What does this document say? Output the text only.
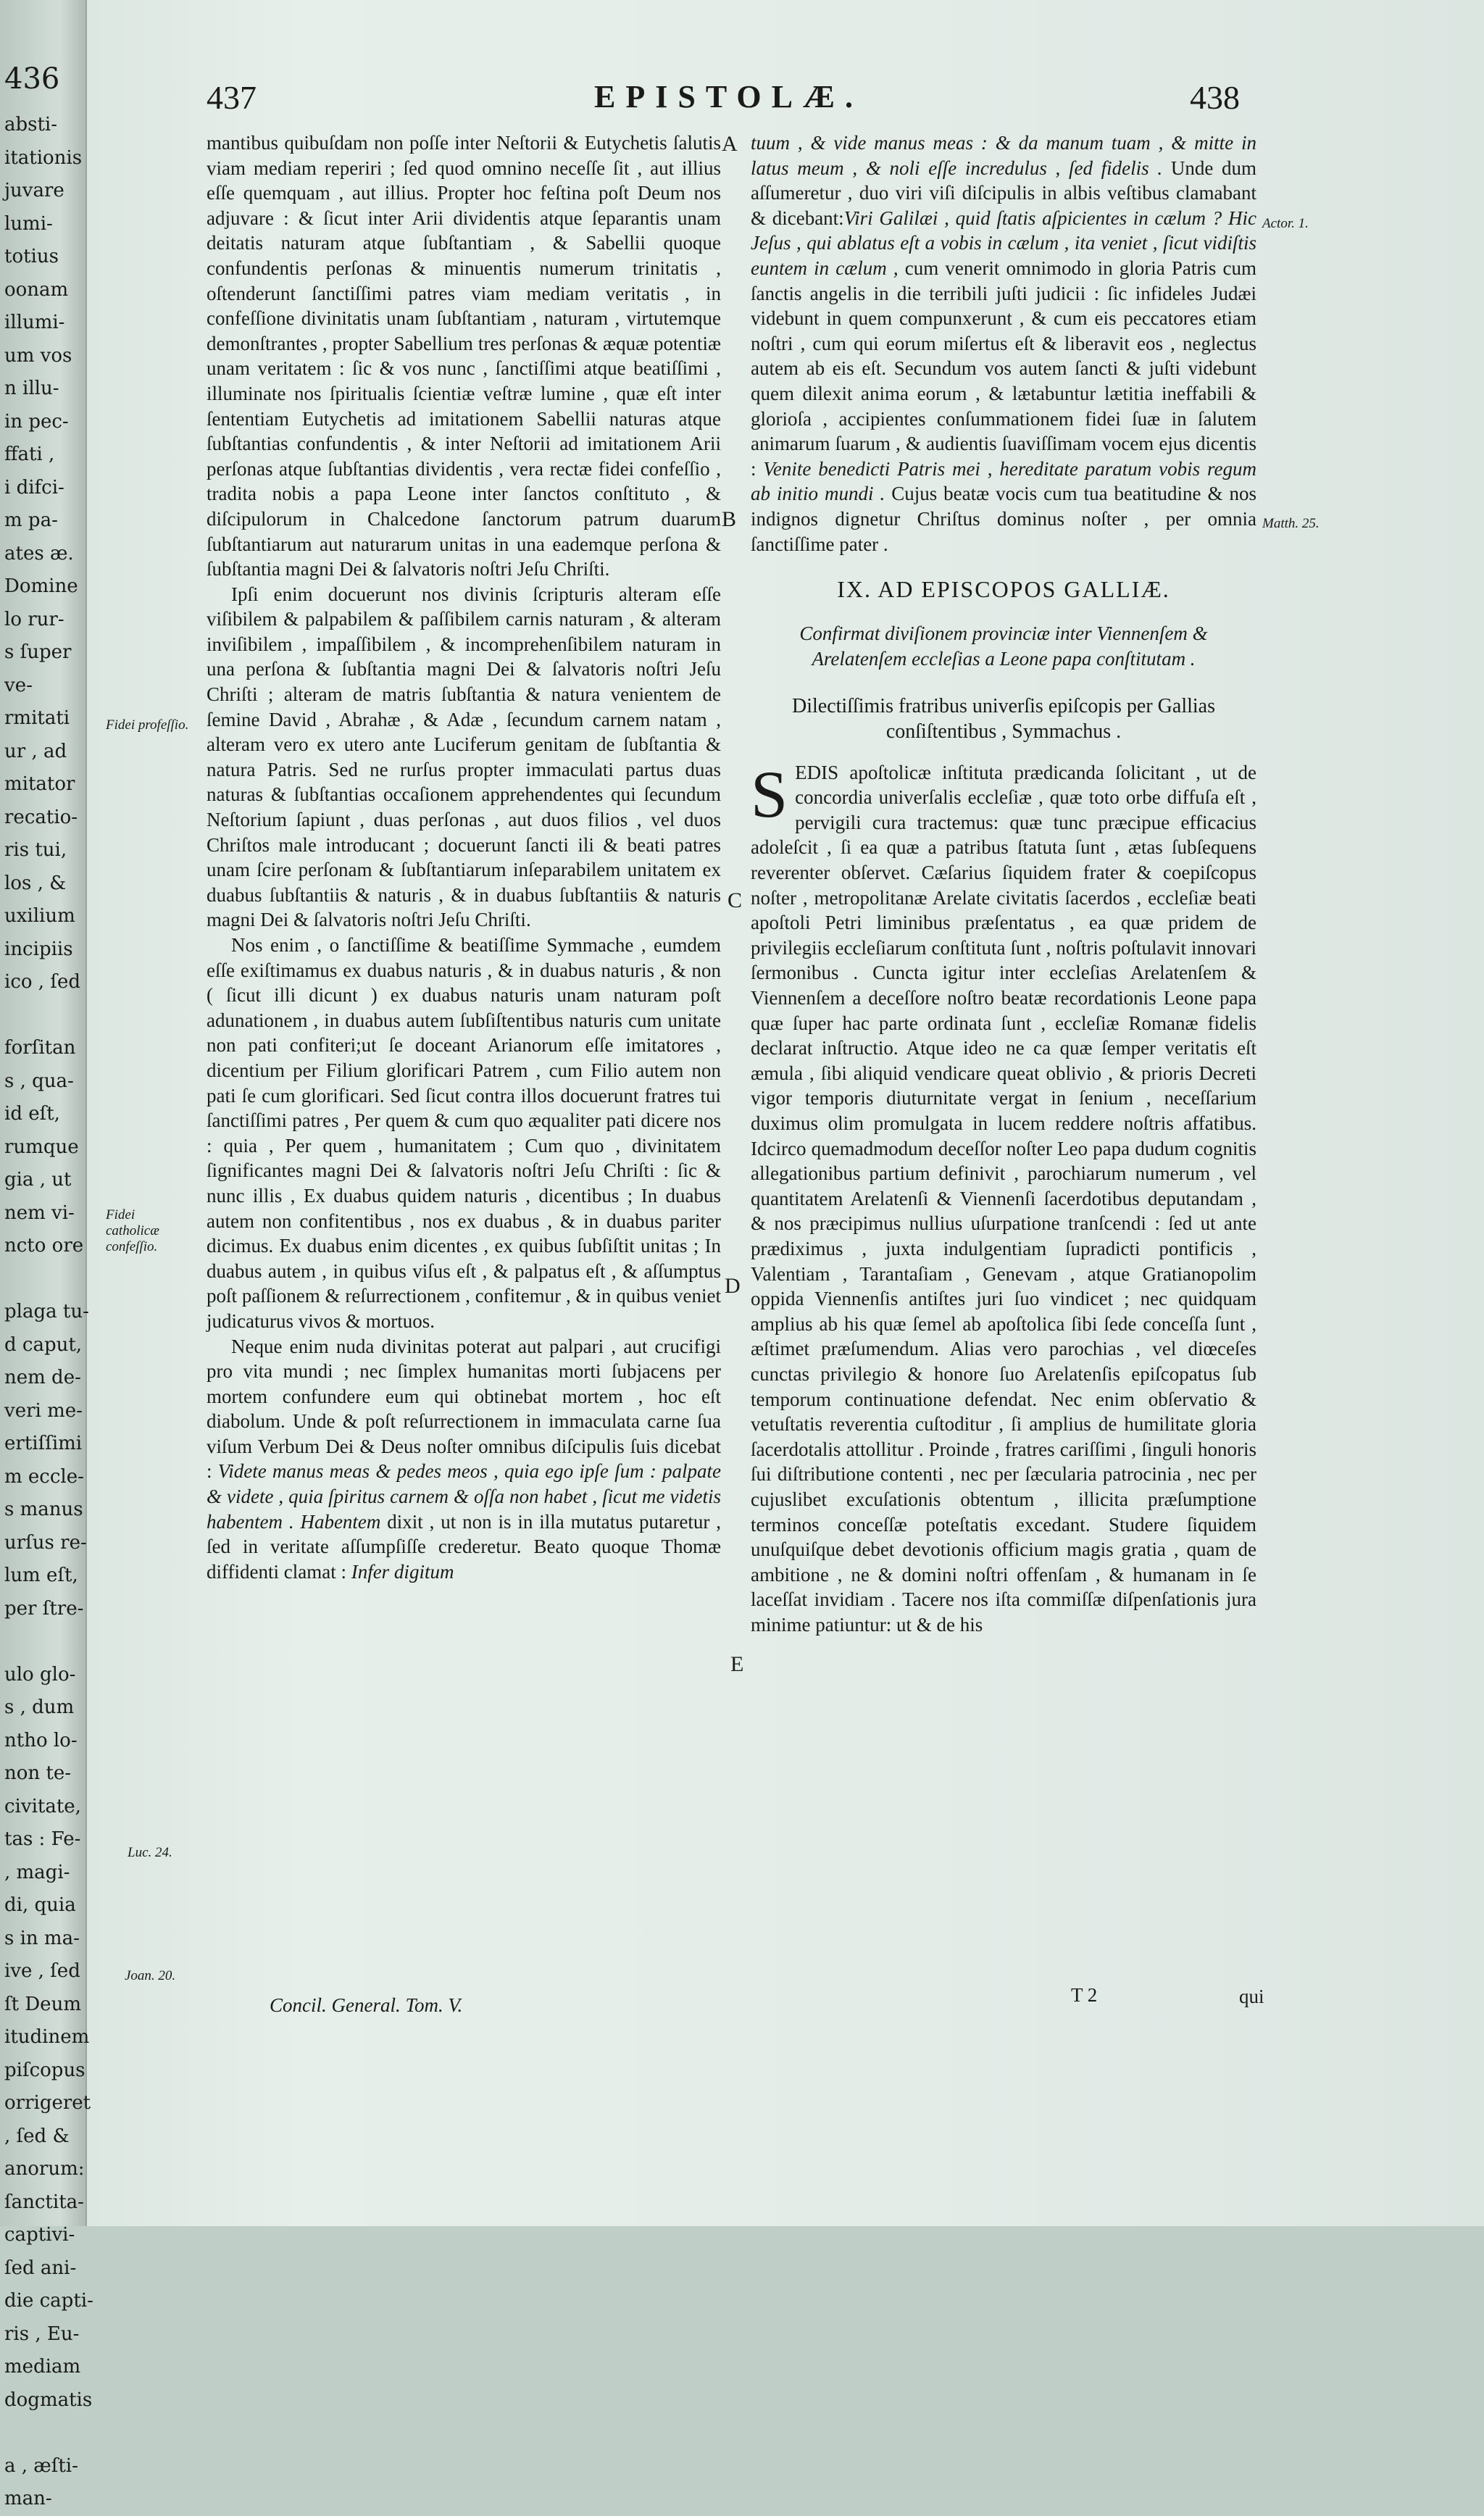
436
absti-
itationis
juvare
lumi-
totius
oonam
illumi-
um vos
n illu-
in pec-
ffati ,
i difci-
m pa-
ates æ.
Domine
lo rur-
s ſuper
ve-
rmitati
ur , ad
mitator
recatio-
ris tui,
los , &
uxilium
incipiis
ico , ſed

forſitan
s , qua-
id eſt,
rumque
gia , ut
nem vi-
ncto ore

plaga tu-
d caput,
nem de-
veri me-
ertiſſimi
m eccle-
s manus
urſus re-
lum eſt,
per ſtre-

ulo glo-
s , dum
ntho lo-
non te-
civitate,
tas : Fe-
, magi-
di, quia
s in ma-
ive , ſed
ſt Deum
itudinem
piſcopus
orrigeret
, ſed &
anorum:
ſanctita-
captivi-
ſed ani-
die capti-
ris , Eu-
mediam
dogmatis

a , æſti-
man-
437	EPISTOLÆ.	438
A
B
C
D
E
Fidei profeſſio.
Fidei catholicæ confeſſio.
Luc. 24.
Joan. 20.
Actor. 1.
Matth. 25.

mantibus quibuſdam non poſſe inter Neſtorii & Eutychetis ſalutis viam mediam reperiri ; ſed quod omnino neceſſe ſit , aut illius eſſe quemquam , aut illius. Propter hoc feſtina poſt Deum nos adjuvare : & ſicut inter Arii dividentis atque ſeparantis unam deitatis naturam atque ſubſtantiam , & Sabellii quoque confundentis perſonas & minuentis numerum trinitatis , oſtenderunt ſanctiſſimi patres viam mediam veritatis , in confeſſione divinitatis unam ſubſtantiam , naturam , virtutemque demonſtrantes , propter Sabellium tres perſonas & æquæ potentiæ unam veritatem : ſic & vos nunc , ſanctiſſimi atque beatiſſimi , illuminate nos ſpiritualis ſcientiæ veſtræ lumine , quæ eſt inter ſententiam Eutychetis ad imitationem Sabellii naturas atque ſubſtantias confundentis , & inter Neſtorii ad imitationem Arii perſonas atque ſubſtantias dividentis , vera rectæ fidei confeſſio , tradita nobis a papa Leone inter ſanctos conſtituto , & diſcipulorum in Chalcedone ſanctorum patrum duarum ſubſtantiarum aut naturarum unitas in una eademque perſona & ſubſtantia magni Dei & ſalvatoris noſtri Jeſu Chriſti.

Ipſi enim docuerunt nos divinis ſcripturis alteram eſſe viſibilem & palpabilem & paſſibilem carnis naturam , & alteram inviſibilem , impaſſibilem , & incomprehenſibilem naturam in una perſona & ſubſtantia magni Dei & ſalvatoris noſtri Jeſu Chriſti ; alteram de matris ſubſtantia & natura venientem de ſemine David , Abrahæ , & Adæ , ſecundum carnem natam , alteram vero ex utero ante Luciferum genitam de ſubſtantia & natura Patris. Sed ne rurſus propter immaculati partus duas naturas & ſubſtantias occaſionem apprehendentes qui ſecundum Neſtorium ſapiunt , duas perſonas , aut duos filios , vel duos Chriſtos male introducant ; docuerunt ſancti ili & beati patres unam ſcire perſonam & ſubſtantiarum inſeparabilem unitatem ex duabus ſubſtantiis & naturis , & in duabus ſubſtantiis & naturis magni Dei & ſalvatoris noſtri Jeſu Chriſti.

Nos enim , o ſanctiſſime & beatiſſime Symmache , eumdem eſſe exiſtimamus ex duabus naturis , & in duabus naturis , & non ( ſicut illi dicunt ) ex duabus naturis unam naturam poſt adunationem , in duabus autem ſubſiſtentibus naturis cum unitate non pati confiteri;ut ſe doceant Arianorum eſſe imitatores , dicentium per Filium glorificari Patrem , cum Filio autem non pati ſe cum glorificari. Sed ſicut contra illos docuerunt fratres tui ſanctiſſimi patres , Per quem & cum quo æqualiter pati dicere nos : quia , Per quem , humanitatem ; Cum quo , divinitatem ſignificantes magni Dei & ſalvatoris noſtri Jeſu Chriſti : ſic & nunc illis , Ex duabus quidem naturis , dicentibus ; In duabus autem non confitentibus , nos ex duabus , & in duabus pariter dicimus. Ex duabus enim dicentes , ex quibus ſubſiſtit unitas ; In duabus autem , in quibus viſus eſt , & palpatus eſt , & aſſumptus poſt paſſionem & reſurrectionem , confitemur , & in quibus veniet judicaturus vivos & mortuos.

Neque enim nuda divinitas poterat aut palpari , aut crucifigi pro vita mundi ; nec ſimplex humanitas morti ſubjacens per mortem confundere eum qui obtinebat mortem , hoc eſt diabolum. Unde & poſt reſurrectionem in immaculata carne ſua viſum Verbum Dei & Deus noſter omnibus diſcipulis ſuis dicebat : Videte manus meas & pedes meos , quia ego ipſe ſum : palpate & videte , quia ſpiritus carnem & oſſa non habet , ſicut me videtis habentem . Habentem dixit , ut non is in illa mutatus putaretur , ſed in veritate aſſumpſiſſe crederetur. Beato quoque Thomæ diffidenti clamat : Infer digitum

tuum , & vide manus meas : & da manum tuam , & mitte in latus meum , & noli eſſe incredulus , ſed fidelis . Unde dum aſſumeretur , duo viri viſi diſcipulis in albis veſtibus clamabant & dicebant:Viri Galilæi , quid ſtatis aſpicientes in cælum ? Hic Jeſus , qui ablatus eſt a vobis in cælum , ita veniet , ſicut vidiſtis euntem in cælum , cum venerit omnimodo in gloria Patris cum ſanctis angelis in die terribili juſti judicii : ſic infideles Judæi videbunt in quem compunxerunt , & cum eis peccatores etiam noſtri , cum qui eorum miſertus eſt & liberavit eos , neglectus autem ab eis eſt. Secundum vos autem ſancti & juſti videbunt quem dilexit anima eorum , & lætabuntur lætitia ineffabili & glorioſa , accipientes conſummationem fidei ſuæ in ſalutem animarum ſuarum , & audientis ſuaviſſimam vocem ejus dicentis : Venite benedicti Patris mei , hereditate paratum vobis regum ab initio mundi . Cujus beatæ vocis cum tua beatitudine & nos indignos dignetur Chriſtus dominus noſter , per omnia ſanctiſſime pater .

IX. AD EPISCOPOS GALLIÆ.
Confirmat diviſionem provinciæ inter Viennenſem & Arelatenſem eccleſias a Leone papa conſtitutam .
Dilectiſſimis fratribus univerſis epiſcopis per Gallias conſiſtentibus , Symmachus .

SEDIS apoſtolicæ inſtituta prædicanda ſolicitant , ut de concordia univerſalis eccleſiæ , quæ toto orbe diffuſa eſt , pervigili cura tractemus: quæ tunc præcipue efficacius adoleſcit , ſi ea quæ a patribus ſtatuta ſunt , ætas ſubſequens reverenter obſervet. Cæſarius ſiquidem frater & coepiſcopus noſter , metropolitanæ Arelate civitatis ſacerdos , eccleſiæ beati apoſtoli Petri liminibus præſentatus , ea quæ pridem de privilegiis eccleſiarum conſtituta ſunt , noſtris poſtulavit innovari ſermonibus . Cuncta igitur inter eccleſias Arelatenſem & Viennenſem a deceſſore noſtro beatæ recordationis Leone papa quæ ſuper hac parte ordinata ſunt , eccleſiæ Romanæ fidelis declarat inſtructio. Atque ideo ne ca quæ ſemper veritatis eſt æmula , ſibi aliquid vendicare queat oblivio , & prioris Decreti vigor temporis diuturnitate vergat in ſenium , neceſſarium duximus olim promulgata in lucem reddere noſtris affatibus. Idcirco quemadmodum deceſſor noſter Leo papa dudum cognitis allegationibus partium definivit , parochiarum numerum , vel quantitatem Arelatenſi & Viennenſi ſacerdotibus deputandam , & nos præcipimus nullius uſurpatione tranſcendi : ſed ut ante prædiximus , juxta indulgentiam ſupradicti pontificis , Valentiam , Tarantaſiam , Genevam , atque Gratianopolim oppida Viennenſis antiſtes juri ſuo vindicet ; nec quidquam amplius ab his quæ ſemel ab apoſtolica ſibi ſede conceſſa ſunt , æſtimet præſumendum. Alias vero parochias , vel diœceſes cunctas privilegio & honore ſuo Arelatenſis epiſcopatus ſub temporum continuatione defendat. Nec enim obſervatio & vetuſtatis reverentia cuſtoditur , ſi amplius de humilitate gloria ſacerdotalis attollitur . Proinde , fratres cariſſimi , ſinguli honoris ſui diſtributione contenti , nec per ſæcularia patrocinia , nec per cujuslibet excuſationis obtentum , illicita præſumptione terminos conceſſæ poteſtatis excedant. Studere ſiquidem unuſquiſque debet devotionis officium magis gratia , quam de ambitione , ne & domini noſtri offenſam , & humanam in ſe laceſſat invidiam . Tacere nos iſta commiſſæ diſpenſationis jura minime patiuntur: ut & de his

Concil. General. Tom. V.	T 2	qui
